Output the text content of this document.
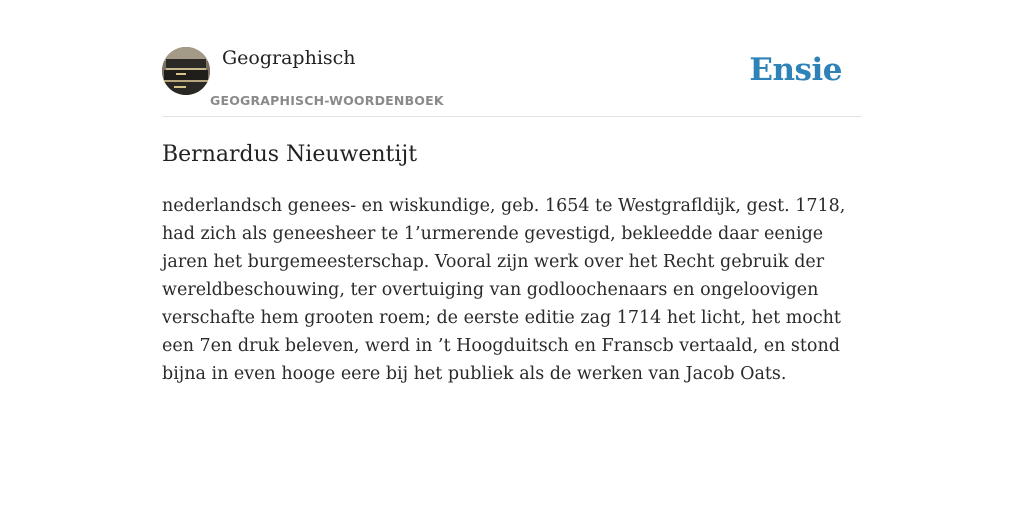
Geographisch
GEOGRAPHISCH-WOORDENBOEK
Ensie
Bernardus Nieuwentijt

nederlandsch genees- en wiskundige, geb. 1654 te Westgrafldijk, gest. 1718, had zich als geneesheer te 1’urmerende gevestigd, bekleedde daar eenige jaren het burgemeesterschap. Vooral zijn werk over het Recht gebruik der wereldbeschouwing, ter overtuiging van godloochenaars en ongeloovigen verschafte hem grooten roem; de eerste editie zag 1714 het licht, het mocht een 7en druk beleven, werd in ’t Hoogduitsch en Franscb vertaald, en stond bijna in even hooge eere bij het publiek als de werken van Jacob Oats.
